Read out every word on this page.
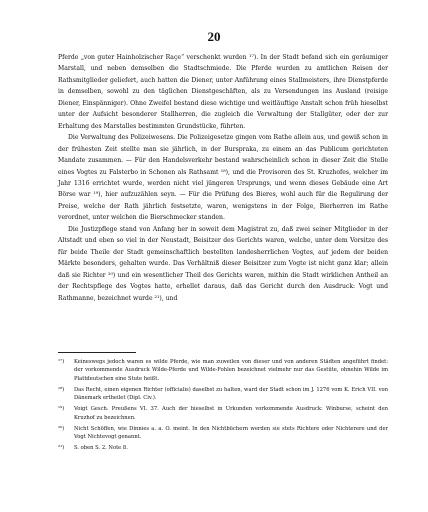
20

Pferde „von guter Hainholzischer Raçe“ verschenkt wurden ¹⁷). In der Stadt befand sich ein geräumiger Marstall, und neben demselben die Stadtschmiede. Die Pferde wurden zu amtlichen Reisen der Rathsmitglieder geliefert, auch hatten die Diener, unter Anführung eines Stallmeisters, ihre Dienstpferde in demselben, sowohl zu den täglichen Dienstgeschäften, als zu Versendungen ins Ausland (reisige Diener, Einspänniger). Ohne Zweifel bestand diese wichtige und weitläuftige Anstalt schon früh hieselbst unter der Aufsicht besonderer Stallherren, die zugleich die Verwaltung der Stallgüter, oder der zur Erhaltung des Marstalles bestimmten Grundstücke, führten.

Die Verwaltung des Polizeiwesens. Die Polizeigesetze gingen vom Rathe allein aus, und gewiß schon in der frühesten Zeit stellte man sie jährlich, in der Burspraka, zu einem an das Publicum gerichteten Mandate zusammen. — Für den Handelsverkehr bestand wahrscheinlich schon in dieser Zeit die Stelle eines Vogtes zu Falsterbo in Schonen als Rathsamt ¹⁸), und die Provisoren des St. Kruzhofes, welcher im Jahr 1316 errichtet wurde, werden nicht viel jüngeren Ursprungs, und wenn dieses Gebäude eine Art Börse war ¹⁹), hier aufzuzählen seyn. — Für die Prüfung des Bieres, wohl auch für die Regulirung der Preise, welche der Rath jährlich festsetzte, waren, wenigstens in der Folge, Bierherren im Rathe verordnet, unter welchen die Bierschmecker standen.

Die Justizpflege stand von Anfang her in soweit dem Magistrat zu, daß zwei seiner Mitglieder in der Altstadt und eben so viel in der Neustadt, Beisitzer des Gerichts waren, welche, unter dem Vorsitze des für beide Theile der Stadt gemeinschaftlich bestellten landesherrlichen Vogtes, auf jedem der beiden Märkte besonders, gehalten wurde. Das Verhältniß dieser Beisitzer zum Vogte ist nicht ganz klar; allein daß sie Richter ²⁰) und ein wesentlicher Theil des Gerichts waren, mithin die Stadt wirklichen Antheil an der Rechtspflege des Vogtes hatte, erhellet daraus, daß das Gericht durch den Ausdruck: Vogt und Rathmanne, bezeichnet wurde ²¹), und

¹⁷)	Keineswegs jedoch waren es wilde Pferde, wie man zuweilen von dieser und von anderen Städten angeführt findet: der vorkommende Ausdruck Wilde-Pferde und Wilde-Fohlen bezeichnet vielmehr nur das Gestüte, ohnehin Wilde im Plattdeutschen eine Stute heißt.
¹⁸)	Das Recht, einen eigenen Richter (officialis) daselbst zu halten, ward der Stadt schon im J. 1276 vom K. Erich VII. von Dänemark ertheilet (Dipl. Civ.).
¹⁹)	Voigt Gesch. Preußens VI. 37. Auch der hieselbst in Urkunden vorkommende Ausdruck: Winburse, scheint den Kruzhof zu bezeichnen.
²⁰)	Nicht Schöffen, wie Dinnies a. a. O. meint. In den Nichtbüchern werden sie stets Richtere oder Nichterere und der Vogt Nichtevogt genannt.
²¹)	S. oben S. 2. Note 8.
